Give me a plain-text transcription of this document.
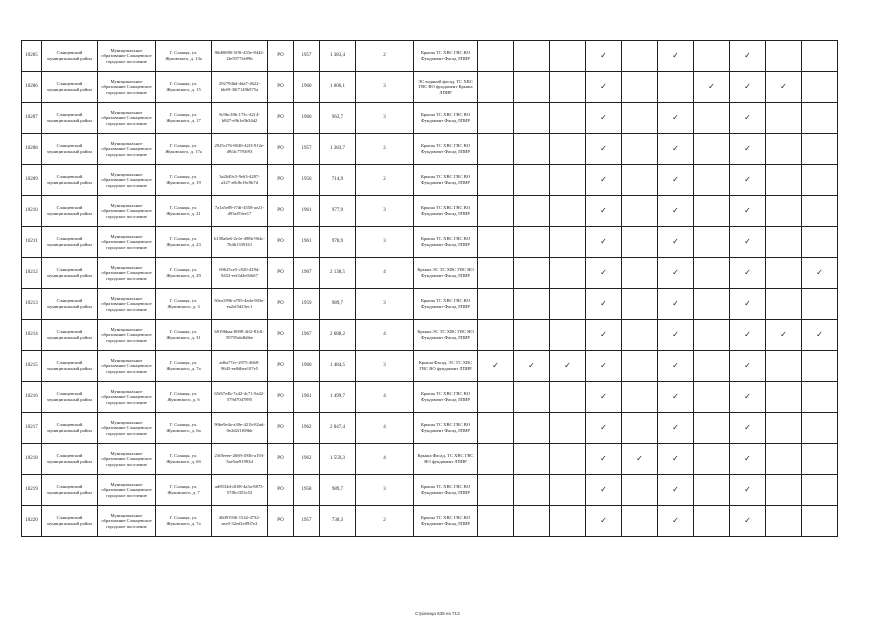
10205	Сланцевский муниципальный район	Муниципальное образование Сланцевское городское поселение	Г. Сланцы, ул. Жуковского, д. 13а	96d00f90-5f9f-433e-8442-2fe59774e99b	РО	1957	1 383,4	2	Крыша ТС ХВС ГВС ВО Фундамент Фасад ЛПИР				✓		✓		✓		
10206	Сланцевский муниципальный район	Муниципальное образование Сланцевское городское поселение	Г. Сланцы, ул. Жуковского, д. 15	292794bd-4da7-4622-bb69-30f7149b975a	РО	1960	1 006,1	3	ЭС водяной фасад, ТС ХВС ГВС ВО фундамент Крыша ЛПИР				✓			✓	✓	✓	
10207	Сланцевский муниципальный район	Муниципальное образование Сланцевское городское поселение	Г. Сланцы, ул. Жуковского, д. 17	8c9bc38b-173c-4214-b847-e9b1e0b34d2	РО	1960	962,7	3	Крыша ТС ХВС ГВС ВО Фундамент Фасад ЛПИР				✓		✓		✓		
10208	Сланцевский муниципальный район	Муниципальное образование Сланцевское городское поселение	Г. Сланцы, ул. Жуковского, д. 17а	2925cf76-8040-42f3-912e-d9f4c7793f93	РО	1957	1 383,7	2	Крыша ТС ХВС ГВС ВО Фундамент Фасад ЛПИР				✓		✓		✓		
10209	Сланцевский муниципальный район	Муниципальное образование Сланцевское городское поселение	Г. Сланцы, ул. Жуковского, д. 19	3a2649c5-9e63-4287-a327-a8c8e16c9b7d	РО	1956	714,9	2	Крыша ТС ХВС ГВС ВО Фундамент Фасад ЛПИР				✓		✓		✓		
10210	Сланцевский муниципальный район	Муниципальное образование Сланцевское городское поселение	Г. Сланцы, ул. Жуковского, д. 21	7a1a5e89-f7df-4558-ae21-d93af53ee17	РО	1961	977,9	3	Крыша ТС ХВС ГВС ВО Фундамент Фасад ЛПИР				✓		✓		✓		
10211	Сланцевский муниципальный район	Муниципальное образование Сланцевское городское поселение	Г. Сланцы, ул. Жуковского, д. 23	b158a6e6-2e1e-498b-964c-7b4b1339161	РО	1961	978,9	3	Крыша ТС ХВС ГВС ВО Фундамент Фасад ЛПИР				✓		✓		✓		
10212	Сланцевский муниципальный район	Муниципальное образование Сланцевское городское поселение	Г. Сланцы, ул. Жуковского, д. 29	69625ce5-c920-419d-8452-eef2d4e92b67	РО	1967	2 138,5	4	Крыша ЭС ТС ХВС ГВС ВО Фундамент Фасад ЛПИР				✓		✓		✓		✓
10213	Сланцевский муниципальный район	Муниципальное образование Сланцевское городское поселение	Г. Сланцы, ул. Жуковского, д. 3	50ea199b-a705-4eda-903e-ea2ef5d23ec1	РО	1959	989,7	3	Крыша ТС ХВС ГВС ВО Фундамент Фасад ЛПИР				✓		✓		✓		
10214	Сланцевский муниципальный район	Муниципальное образование Сланцевское городское поселение	Г. Сланцы, ул. Жуковского, д. 31	b9196baa-8098-4ff2-81d1-59759ab4b6be	РО	1967	2 688,2	4	Крыша ЭС ТС ХВС ГВС ВО Фундамент Фасад ЛПИР				✓		✓		✓	✓	✓
10215	Сланцевский муниципальный район	Муниципальное образование Сланцевское городское поселение	Г. Сланцы, ул. Жуковского, д. 7а	ad6a77ec-2975-4668-9645-ee8dbee107e5	РО	1960	1 484,5	3	Крыша Фасад, ЭС ТС ХВС ГВС ВО фундамент ЛПИР	✓	✓	✓	✓		✓		✓		
10216	Сланцевский муниципальный район	Муниципальное образование Сланцевское городское поселение	Г. Сланцы, ул. Жуковского, д. 6	65f67e4b-7a42-4c71-9a42-579d7047895	РО	1961	1 499,7	4	Крыша ТС ХВС ГВС ВО Фундамент Фасад ЛПИР				✓		✓		✓		
10217	Сланцевский муниципальный район	Муниципальное образование Сланцевское городское поселение	Г. Сланцы, ул. Жуковского, д. 6а	90be9e4a-a30e-421b-82ad-0e2d2f1f69bb	РО	1962	2 047,4	4	Крыша ТС ХВС ГВС ВО Фундамент Фасад ЛПИР				✓		✓		✓		
10218	Сланцевский муниципальный район	Муниципальное образование Сланцевское городское поселение	Г. Сланцы, ул. Жуковского, д. 6б	23f0eeee-2669-493b-a193-5ae5ae91993d	РО	1962	1 559,3	4	Крыша Фасад, ТС ХВС ГВС ВО фундамент ЛПИР				✓	✓	✓		✓		
10219	Сланцевский муниципальный район	Муниципальное образование Сланцевское городское поселение	Г. Сланцы, ул. Жуковского, д. 7	ad8534d-d108-4a3a-8875-57f8cf355c52	РО	1958	989,7	3	Крыша ТС ХВС ГВС ВО Фундамент Фасад ЛПИР				✓		✓		✓		
10220	Сланцевский муниципальный район	Муниципальное образование Сланцевское городское поселение	Г. Сланцы, ул. Жуковского, д. 7а	40d91936-1542-4732-aee5-32ed1e09f7e2	РО	1957	738,3	2	Крыша ТС ХВС ГВС ВО Фундамент Фасад ЛПИР				✓		✓		✓		
Страница 638 из 713
